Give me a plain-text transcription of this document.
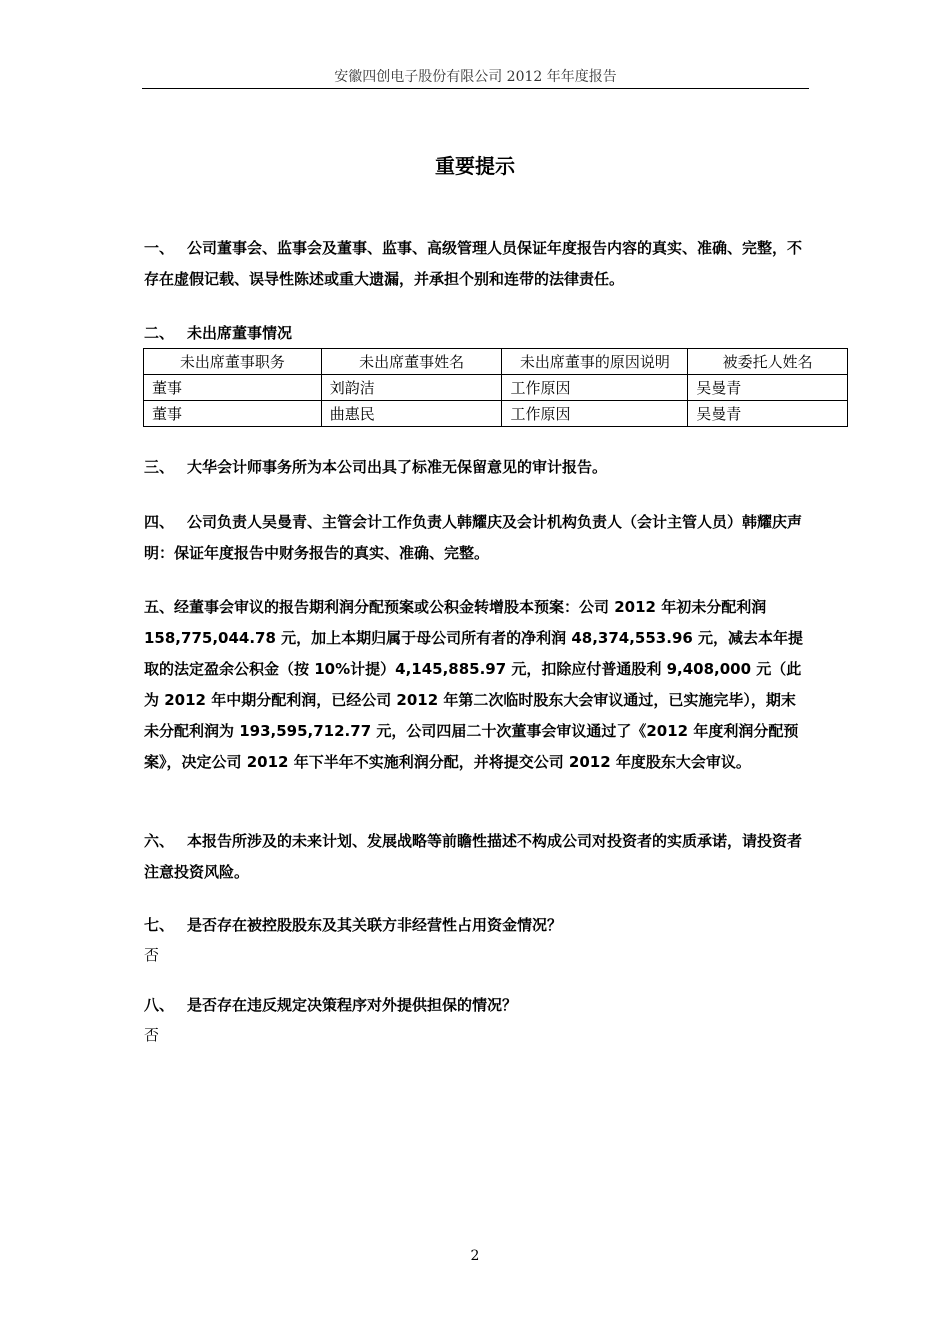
安徽四创电子股份有限公司 2012 年年度报告
重要提示
一、 公司董事会、监事会及董事、监事、高级管理人员保证年度报告内容的真实、准确、完整，不存在虚假记载、误导性陈述或重大遗漏，并承担个别和连带的法律责任。
二、 未出席董事情况
未出席董事职务	未出席董事姓名	未出席董事的原因说明	被委托人姓名
董事	刘韵洁	工作原因	吴曼青
董事	曲惠民	工作原因	吴曼青
三、 大华会计师事务所为本公司出具了标准无保留意见的审计报告。
四、 公司负责人吴曼青、主管会计工作负责人韩耀庆及会计机构负责人（会计主管人员）韩耀庆声明：保证年度报告中财务报告的真实、准确、完整。
五、经董事会审议的报告期利润分配预案或公积金转增股本预案：公司 2012 年初未分配利润 158,775,044.78 元，加上本期归属于母公司所有者的净利润 48,374,553.96 元，减去本年提取的法定盈余公积金（按 10%计提）4,145,885.97 元，扣除应付普通股利 9,408,000 元（此为 2012 年中期分配利润，已经公司 2012 年第二次临时股东大会审议通过，已实施完毕），期末未分配利润为 193,595,712.77 元，公司四届二十次董事会审议通过了《2012 年度利润分配预案》，决定公司 2012 年下半年不实施利润分配，并将提交公司 2012 年度股东大会审议。
六、 本报告所涉及的未来计划、发展战略等前瞻性描述不构成公司对投资者的实质承诺，请投资者注意投资风险。
七、 是否存在被控股股东及其关联方非经营性占用资金情况？
否
八、 是否存在违反规定决策程序对外提供担保的情况？
否
2
